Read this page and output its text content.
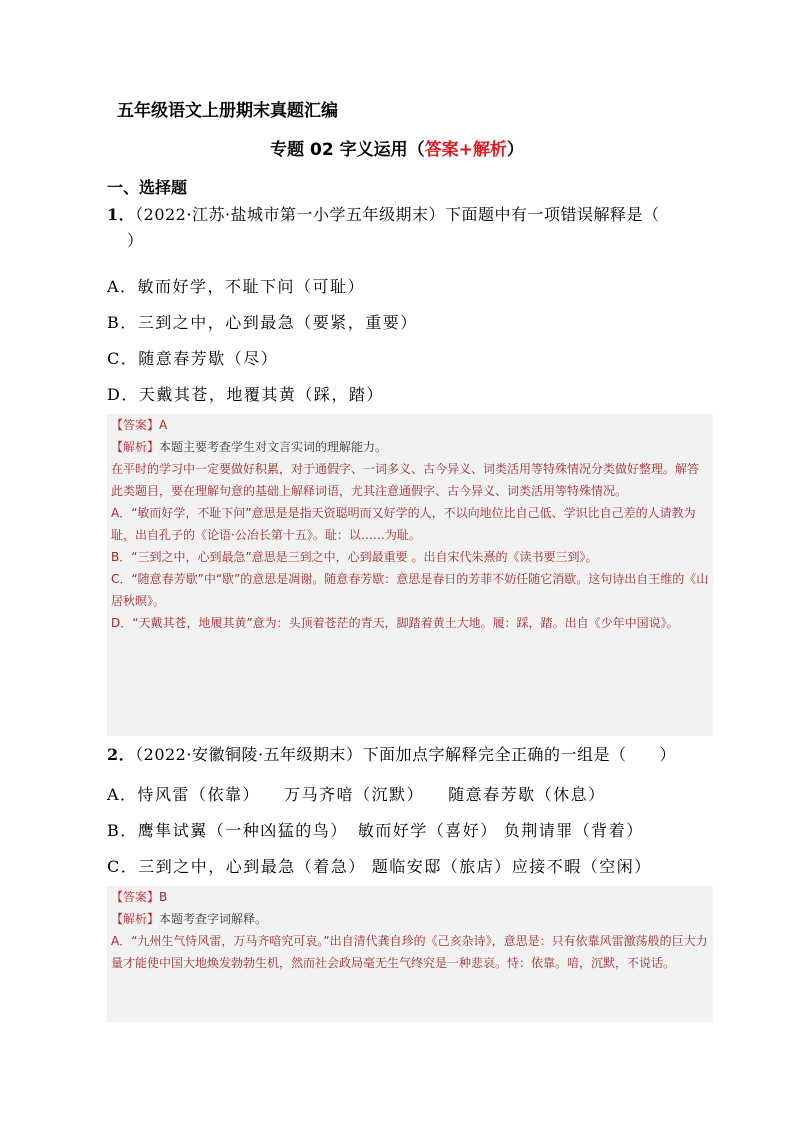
五年级语文上册期末真题汇编
专题 02 字义运用（答案+解析）
一、选择题
1．（2022·江苏·盐城市第一小学五年级期末）下面题中有一项错误解释是（
）
A．敏而好学，不耻下问（可耻）
B．三到之中，心到最急（要紧，重要）
C．随意春芳歇（尽）
D．天戴其苍，地覆其黄（踩，踏）

【答案】A

【解析】本题主要考查学生对文言实词的理解能力。

在平时的学习中一定要做好积累，对于通假字、一词多义、古今异义、词类活用等特殊情况分类做好整理。解答此类题目，要在理解句意的基础上解释词语，尤其注意通假字、古今异义、词类活用等特殊情况。

A．“敏而好学，不耻下问”意思是是指天资聪明而又好学的人，不以向地位比自己低、学识比自己差的人请教为耻，出自孔子的《论语·公冶长第十五》。耻：以……为耻。

B．“三到之中，心到最急”意思是三到之中，心到最重要 。出自宋代朱熹的《读书要三到》。

C．“随意春芳歇”中“歇”的意思是凋谢。随意春芳歇：意思是春日的芳菲不妨任随它消歇。这句诗出自王维的《山居秋暝》。

D．“天戴其苍，地履其黄”意为：头顶着苍茫的青天，脚踏着黄土大地。履：踩，踏。出自《少年中国说》。

2．（2022·安徽铜陵·五年级期末）下面加点字解释完全正确的一组是（　　）
A．恃风雷（依靠） 万马齐喑（沉默） 随意春芳歇（休息）
B．鹰隼试翼（一种凶猛的鸟） 敏而好学（喜好） 负荆请罪（背着）
C．三到之中，心到最急（着急） 题临安邸（旅店）应接不暇（空闲）

【答案】B

【解析】本题考查字词解释。

A．“九州生气恃风雷，万马齐喑究可哀。”出自清代龚自珍的《己亥杂诗》，意思是：只有依靠风雷激荡般的巨大力量才能使中国大地焕发勃勃生机，然而社会政局毫无生气终究是一种悲哀。恃：依靠。喑，沉默，不说话。
